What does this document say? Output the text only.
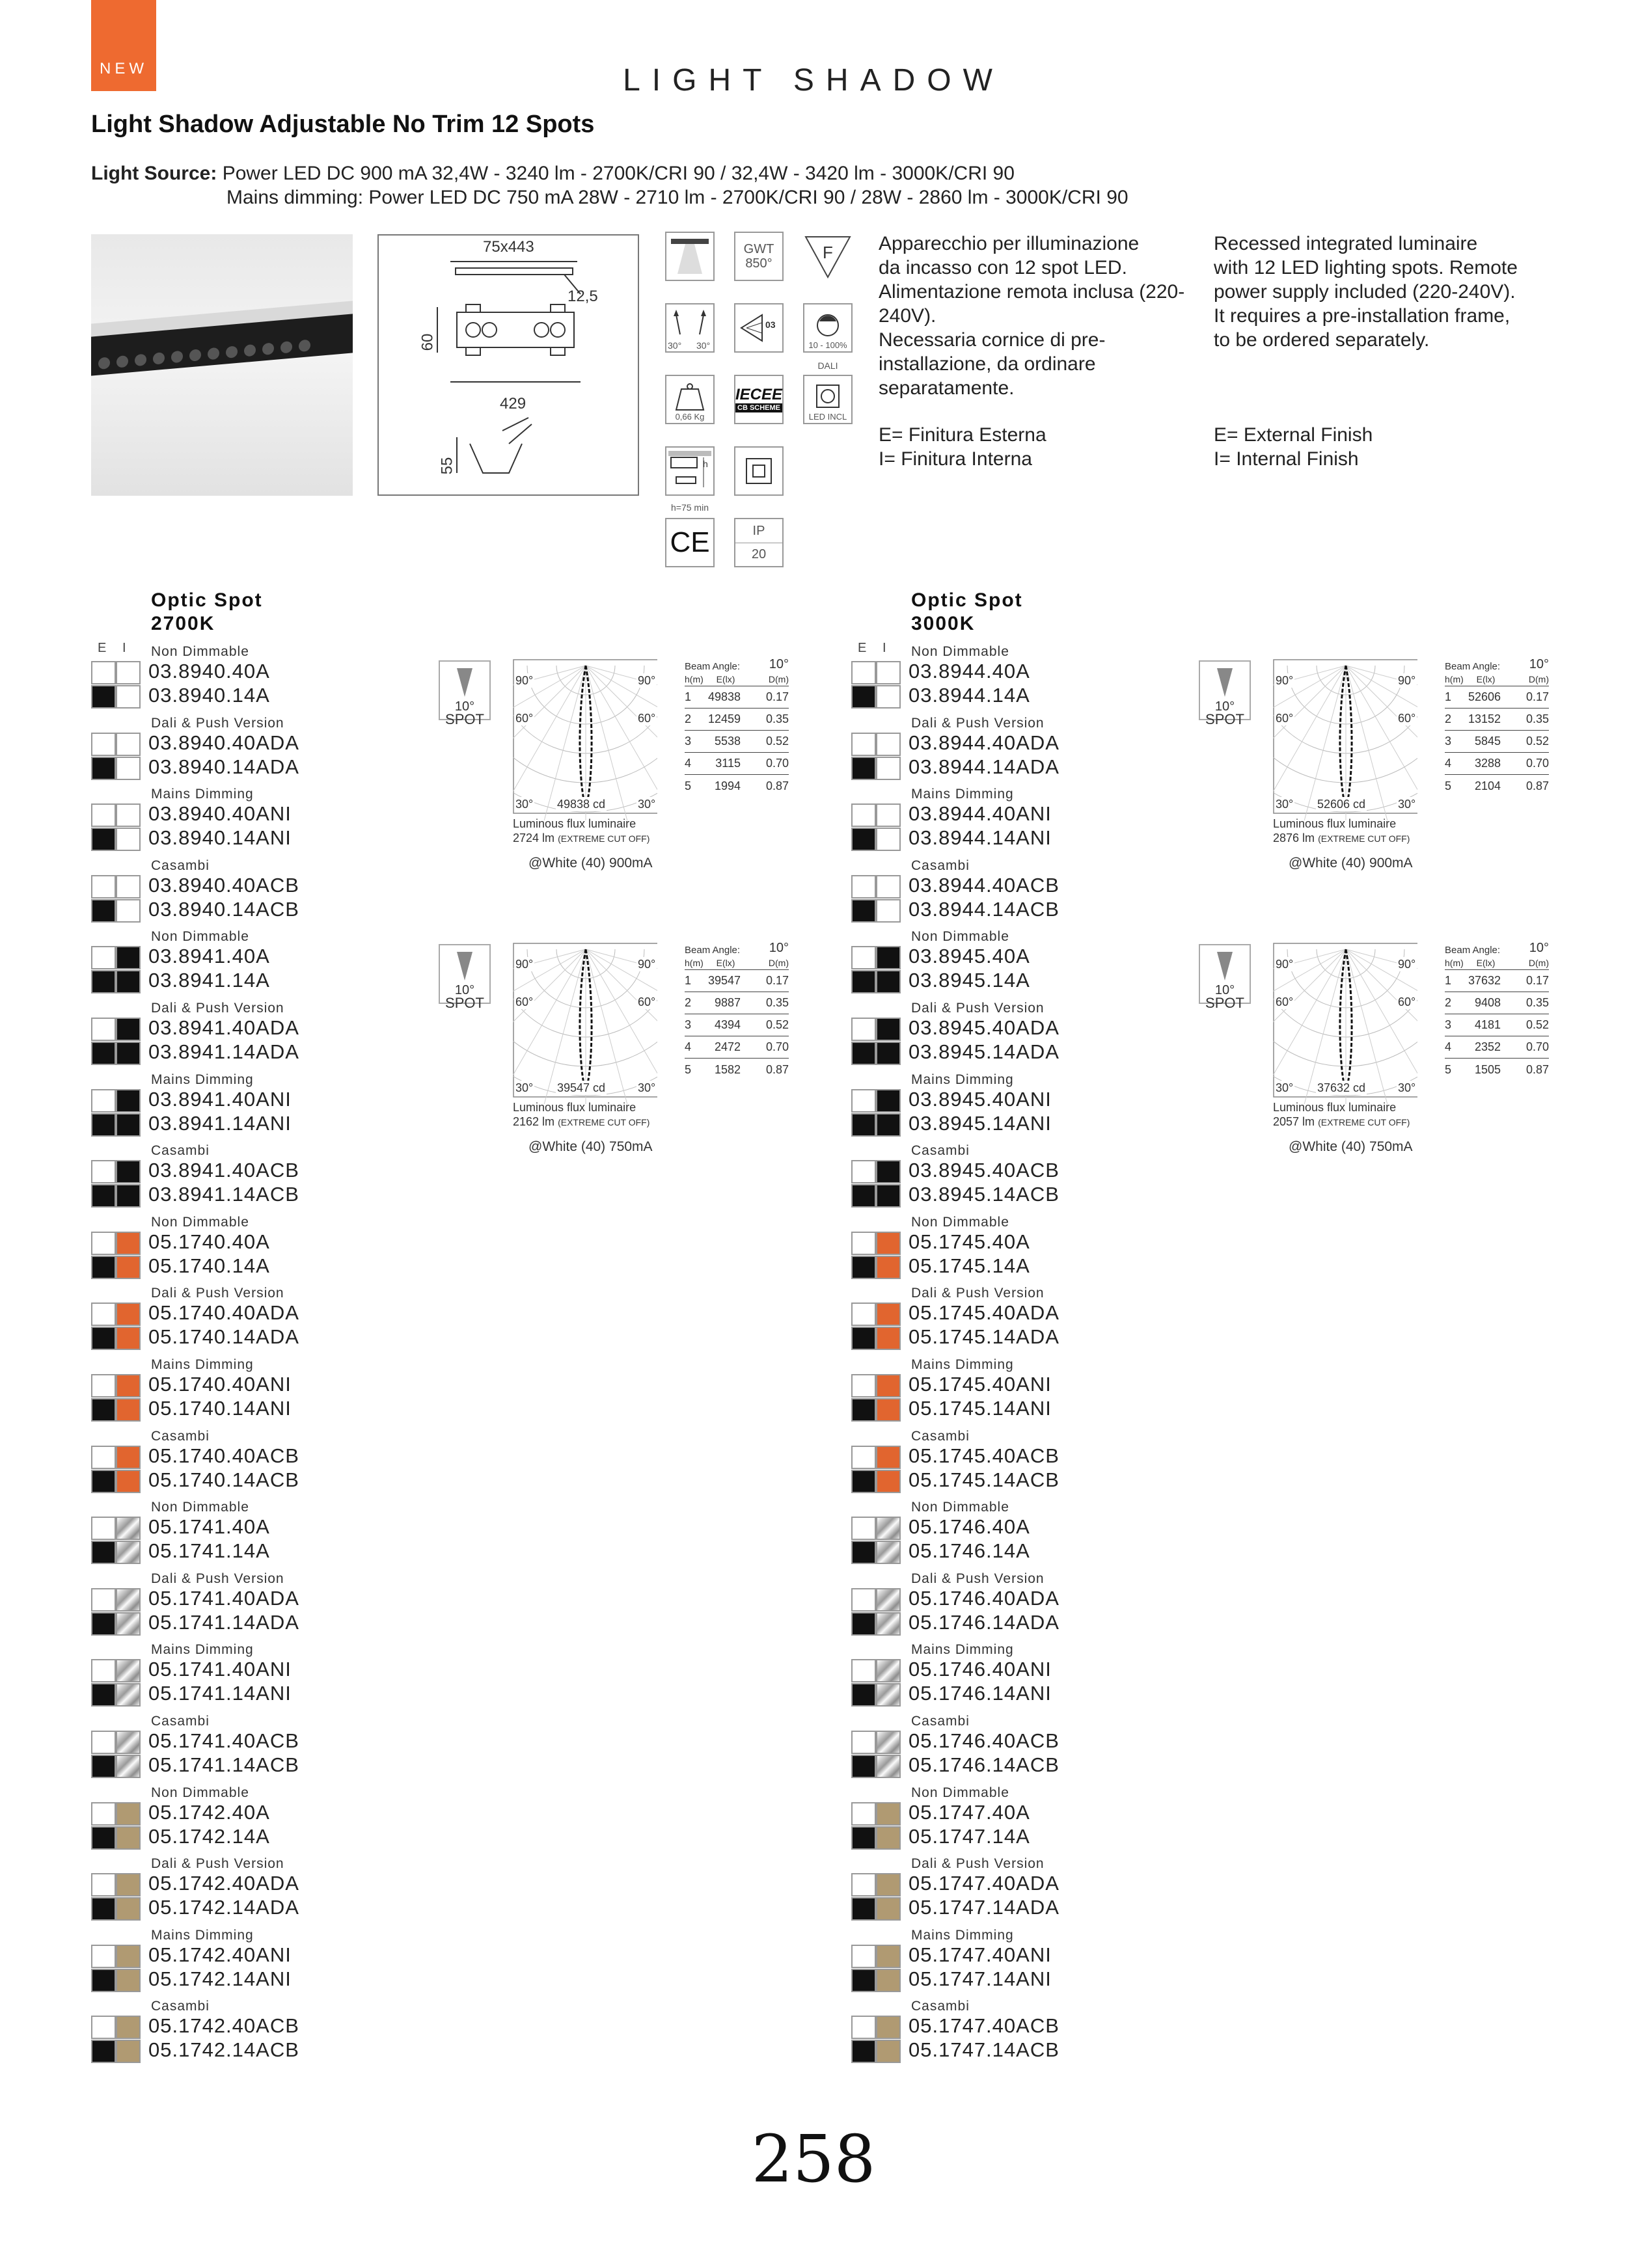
NEW	LIGHT SHADOW
Light Shadow Adjustable No Trim 12 Spots
Light Source: Power LED DC 900 mA 32,4W - 3240 lm - 2700K/CRI 90 / 32,4W - 3420 lm - 3000K/CRI 90
Mains dimming: Power LED DC 750 mA 28W - 2710 lm - 2700K/CRI 90 / 28W - 2860 lm - 3000K/CRI 90
75x443
12,5
60
429
55
GWT
850°
F
30° 30°
03
10 - 100%
DALI
0,66 Kg
IECEE
CB SCHEME
LED INCL
h
h=75 min
CE	IP
20
Apparecchio per illuminazione
da incasso con 12 spot LED.
Alimentazione remota inclusa (220-
240V).
Necessaria cornice di pre-
installazione, da ordinare
separatamente.
Recessed integrated luminaire
with 12 LED lighting spots. Remote
power supply included (220-240V).
It requires a pre-installation frame,
to be ordered separately.
E= Finitura Esterna
I= Finitura Interna
E= External Finish
I= Internal Finish
Optic Spot
2700K
E I Non Dimmable
03.8940.40A
03.8940.14A
Dali & Push Version
03.8940.40ADA
03.8940.14ADA
Mains Dimming
03.8940.40ANI
03.8940.14ANI
Casambi
03.8940.40ACB
03.8940.14ACB
Non Dimmable
03.8941.40A
03.8941.14A
Dali & Push Version
03.8941.40ADA
03.8941.14ADA
Mains Dimming
03.8941.40ANI
03.8941.14ANI
Casambi
03.8941.40ACB
03.8941.14ACB
Non Dimmable
05.1740.40A
05.1740.14A
Dali & Push Version
05.1740.40ADA
05.1740.14ADA
Mains Dimming
05.1740.40ANI
05.1740.14ANI
Casambi
05.1740.40ACB
05.1740.14ACB
Non Dimmable
05.1741.40A
05.1741.14A
Dali & Push Version
05.1741.40ADA
05.1741.14ADA
Mains Dimming
05.1741.40ANI
05.1741.14ANI
Casambi
05.1741.40ACB
05.1741.14ACB
Non Dimmable
05.1742.40A
05.1742.14A
Dali & Push Version
05.1742.40ADA
05.1742.14ADA
Mains Dimming
05.1742.40ANI
05.1742.14ANI
Casambi
05.1742.40ACB
05.1742.14ACB
10°
SPOT
90°	90°
60°	60°
30°	30°
49838 cd
Luminous flux luminaire
2724 lm (EXTREME CUT OFF)
@White (40) 900mA
Beam Angle: 10°
h(m)	E(lx)	D(m)
1	49838	0.17
2	12459	0.35
3	5538	0.52
4	3115	0.70
5	1994	0.87
10°
SPOT
90°	90°
60°	60°
30°	30°
39547 cd
Luminous flux luminaire
2162 lm (EXTREME CUT OFF)
@White (40) 750mA
Beam Angle: 10°
h(m)	E(lx)	D(m)
1	39547	0.17
2	9887	0.35
3	4394	0.52
4	2472	0.70
5	1582	0.87
Optic Spot
3000K
E I Non Dimmable
03.8944.40A
03.8944.14A
Dali & Push Version
03.8944.40ADA
03.8944.14ADA
Mains Dimming
03.8944.40ANI
03.8944.14ANI
Casambi
03.8944.40ACB
03.8944.14ACB
Non Dimmable
03.8945.40A
03.8945.14A
Dali & Push Version
03.8945.40ADA
03.8945.14ADA
Mains Dimming
03.8945.40ANI
03.8945.14ANI
Casambi
03.8945.40ACB
03.8945.14ACB
Non Dimmable
05.1745.40A
05.1745.14A
Dali & Push Version
05.1745.40ADA
05.1745.14ADA
Mains Dimming
05.1745.40ANI
05.1745.14ANI
Casambi
05.1745.40ACB
05.1745.14ACB
Non Dimmable
05.1746.40A
05.1746.14A
Dali & Push Version
05.1746.40ADA
05.1746.14ADA
Mains Dimming
05.1746.40ANI
05.1746.14ANI
Casambi
05.1746.40ACB
05.1746.14ACB
Non Dimmable
05.1747.40A
05.1747.14A
Dali & Push Version
05.1747.40ADA
05.1747.14ADA
Mains Dimming
05.1747.40ANI
05.1747.14ANI
Casambi
05.1747.40ACB
05.1747.14ACB
10°
SPOT
90°	90°
60°	60°
30°	30°
52606 cd
Luminous flux luminaire
2876 lm (EXTREME CUT OFF)
@White (40) 900mA
Beam Angle: 10°
h(m)	E(lx)	D(m)
1	52606	0.17
2	13152	0.35
3	5845	0.52
4	3288	0.70
5	2104	0.87
10°
SPOT
90°	90°
60°	60°
30°	30°
37632 cd
Luminous flux luminaire
2057 lm (EXTREME CUT OFF)
@White (40) 750mA
Beam Angle: 10°
h(m)	E(lx)	D(m)
1	37632	0.17
2	9408	0.35
3	4181	0.52
4	2352	0.70
5	1505	0.87
258
